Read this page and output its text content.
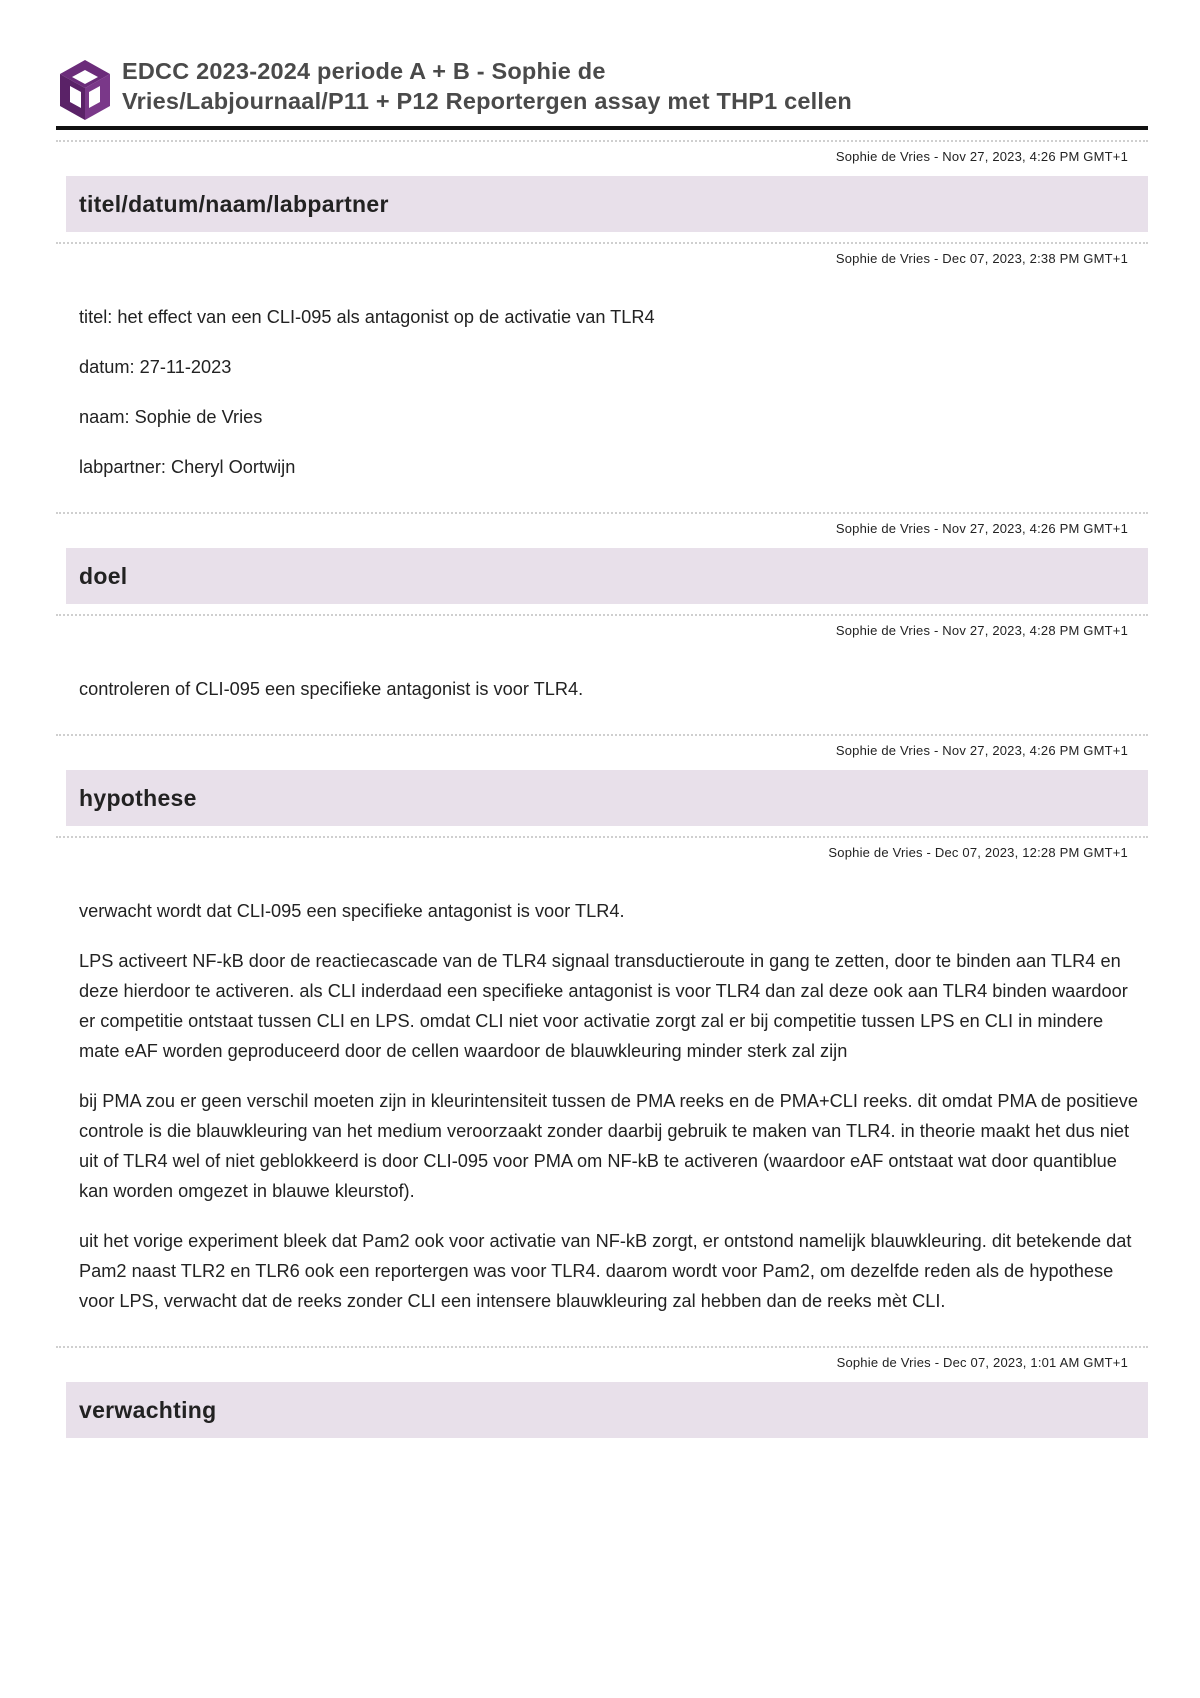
EDCC 2023-2024 periode A + B - Sophie de
Vries/Labjournaal/P11 + P12 Reportergen assay met THP1 cellen
Sophie de Vries - Nov 27, 2023, 4:26 PM GMT+1
titel/datum/naam/labpartner
Sophie de Vries - Dec 07, 2023, 2:38 PM GMT+1

titel: het effect van een CLI-095 als antagonist op de activatie van TLR4

datum: 27-11-2023

naam: Sophie de Vries

labpartner: Cheryl Oortwijn

Sophie de Vries - Nov 27, 2023, 4:26 PM GMT+1
doel
Sophie de Vries - Nov 27, 2023, 4:28 PM GMT+1

controleren of CLI-095 een specifieke antagonist is voor TLR4.

Sophie de Vries - Nov 27, 2023, 4:26 PM GMT+1
hypothese
Sophie de Vries - Dec 07, 2023, 12:28 PM GMT+1

verwacht wordt dat CLI-095 een specifieke antagonist is voor TLR4.

LPS activeert NF-kB door de reactiecascade van de TLR4 signaal transductieroute in gang te zetten, door te binden aan TLR4 en deze hierdoor te activeren. als CLI inderdaad een specifieke antagonist is voor TLR4 dan zal deze ook aan TLR4 binden waardoor er competitie ontstaat tussen CLI en LPS. omdat CLI niet voor activatie zorgt zal er bij competitie tussen LPS en CLI in mindere mate eAF worden geproduceerd door de cellen waardoor de blauwkleuring minder sterk zal zijn

bij PMA zou er geen verschil moeten zijn in kleurintensiteit tussen de PMA reeks en de PMA+CLI reeks. dit omdat PMA de positieve controle is die blauwkleuring van het medium veroorzaakt zonder daarbij gebruik te maken van TLR4. in theorie maakt het dus niet uit of TLR4 wel of niet geblokkeerd is door CLI-095 voor PMA om NF-kB te activeren (waardoor eAF ontstaat wat door quantiblue kan worden omgezet in blauwe kleurstof).

uit het vorige experiment bleek dat Pam2 ook voor activatie van NF-kB zorgt, er ontstond namelijk blauwkleuring. dit betekende dat Pam2 naast TLR2 en TLR6 ook een reportergen was voor TLR4. daarom wordt voor Pam2, om dezelfde reden als de hypothese voor LPS, verwacht dat de reeks zonder CLI een intensere blauwkleuring zal hebben dan de reeks mèt CLI.

Sophie de Vries - Dec 07, 2023, 1:01 AM GMT+1
verwachting
